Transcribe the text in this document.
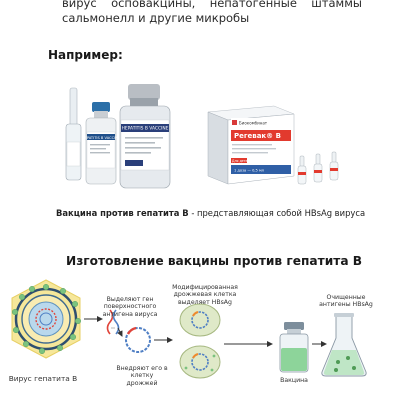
вирус осповакцины, непатогенные штаммы
сальмонелл и другие микробы
Например:
HEPATITIS B VACCINE
HEPATITIS B VACCINE
Биокомбинат
Регевак® В
Для детей
1 доза — 0,5 мл
Вакцина против гепатита В - представляющая собой HBsAg вируса
Изготовление вакцины против гепатита В
Вирус гепатита В
Выделяют ген поверхностного антигена вируса
Внедряют его в клетку дрожжей
Модифицированная дрожжевая клетка выделяет HBsAg
Вакцина
Очищенные антигены HBsAg
